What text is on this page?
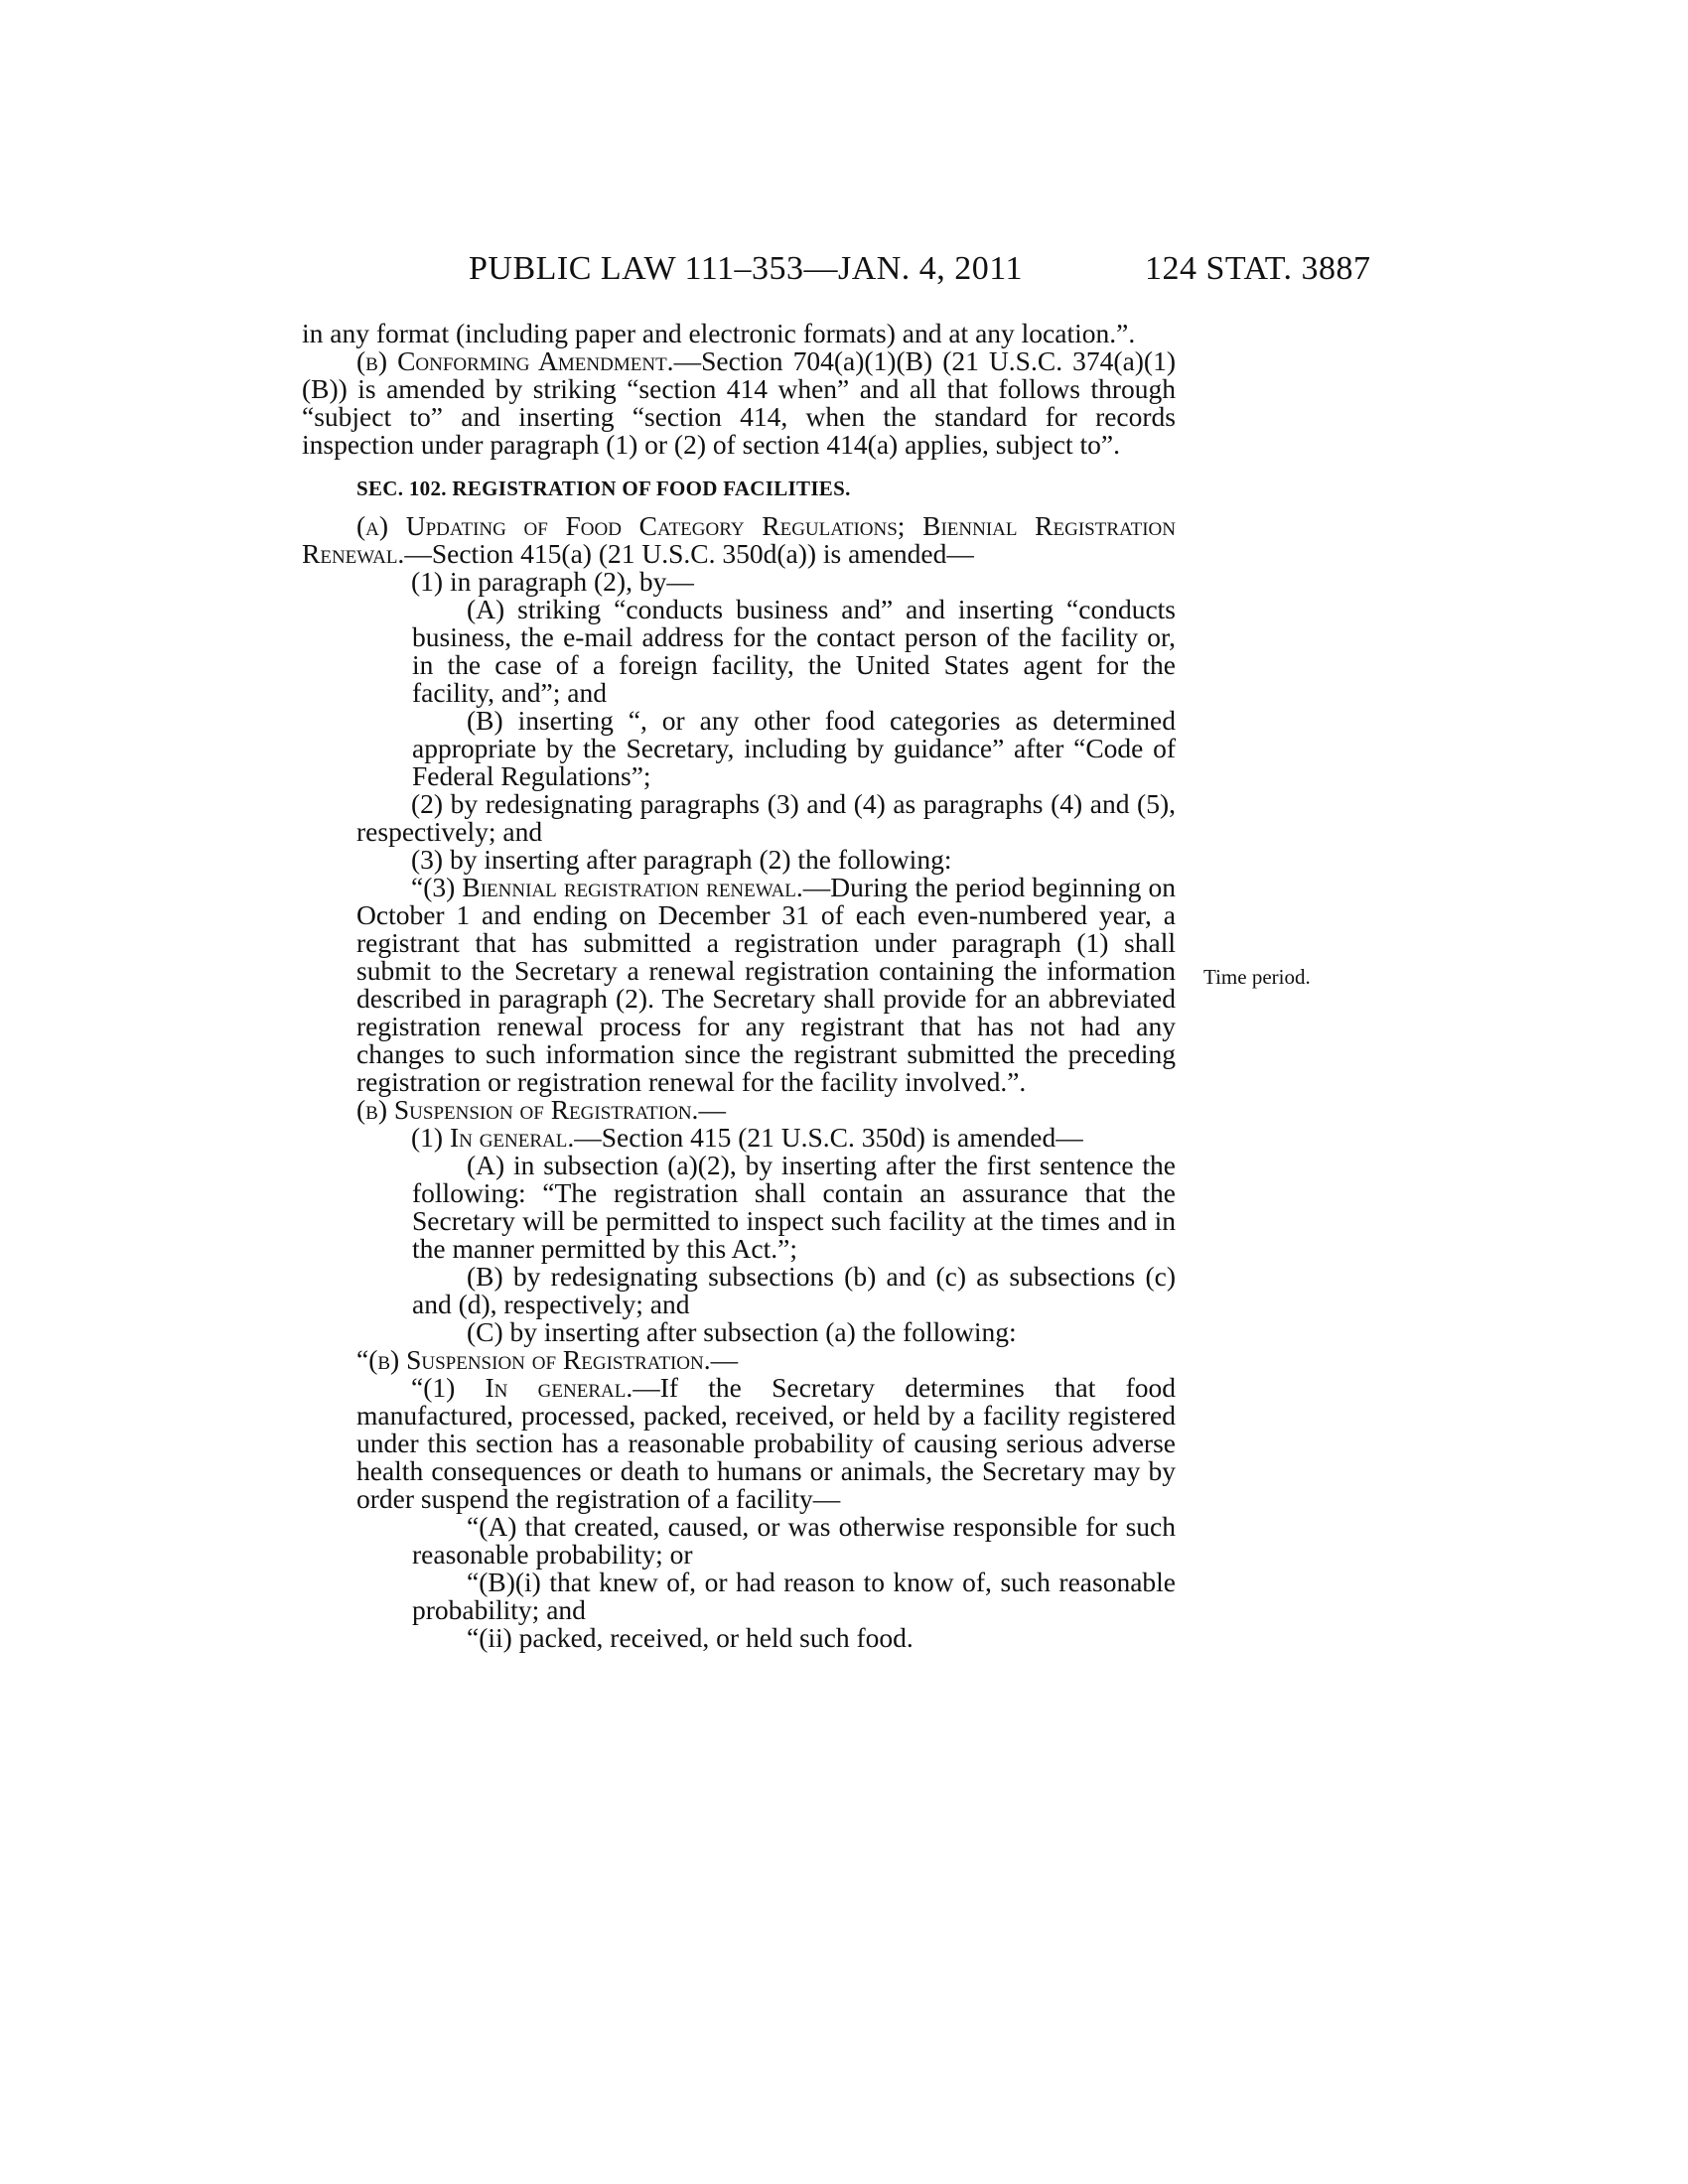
PUBLIC LAW 111–353—JAN. 4, 2011	124 STAT. 3887
Time period.

in any format (including paper and electronic formats) and at any location.”.

(b) Conforming Amendment.—Section 704(a)(1)(B) (21 U.S.C. 374(a)(1)(B)) is amended by striking “section 414 when” and all that follows through “subject to” and inserting “section 414, when the standard for records inspection under paragraph (1) or (2) of section 414(a) applies, subject to”.

SEC. 102. REGISTRATION OF FOOD FACILITIES.

(a) Updating of Food Category Regulations; Biennial Registration Renewal.—Section 415(a) (21 U.S.C. 350d(a)) is amended—

(1) in paragraph (2), by—

(A) striking “conducts business and” and inserting “conducts business, the e-mail address for the contact person of the facility or, in the case of a foreign facility, the United States agent for the facility, and”; and

(B) inserting “, or any other food categories as determined appropriate by the Secretary, including by guidance” after “Code of Federal Regulations”;

(2) by redesignating paragraphs (3) and (4) as paragraphs (4) and (5), respectively; and

(3) by inserting after paragraph (2) the following:

“(3) Biennial registration renewal.—During the period beginning on October 1 and ending on December 31 of each even-numbered year, a registrant that has submitted a registration under paragraph (1) shall submit to the Secretary a renewal registration containing the information described in paragraph (2). The Secretary shall provide for an abbreviated registration renewal process for any registrant that has not had any changes to such information since the registrant submitted the preceding registration or registration renewal for the facility involved.”.

(b) Suspension of Registration.—

(1) In general.—Section 415 (21 U.S.C. 350d) is amended—

(A) in subsection (a)(2), by inserting after the first sentence the following: “The registration shall contain an assurance that the Secretary will be permitted to inspect such facility at the times and in the manner permitted by this Act.”;

(B) by redesignating subsections (b) and (c) as subsections (c) and (d), respectively; and

(C) by inserting after subsection (a) the following:

“(b) Suspension of Registration.—

“(1) In general.—If the Secretary determines that food manufactured, processed, packed, received, or held by a facility registered under this section has a reasonable probability of causing serious adverse health consequences or death to humans or animals, the Secretary may by order suspend the registration of a facility—

“(A) that created, caused, or was otherwise responsible for such reasonable probability; or

“(B)(i) that knew of, or had reason to know of, such reasonable probability; and

“(ii) packed, received, or held such food.
